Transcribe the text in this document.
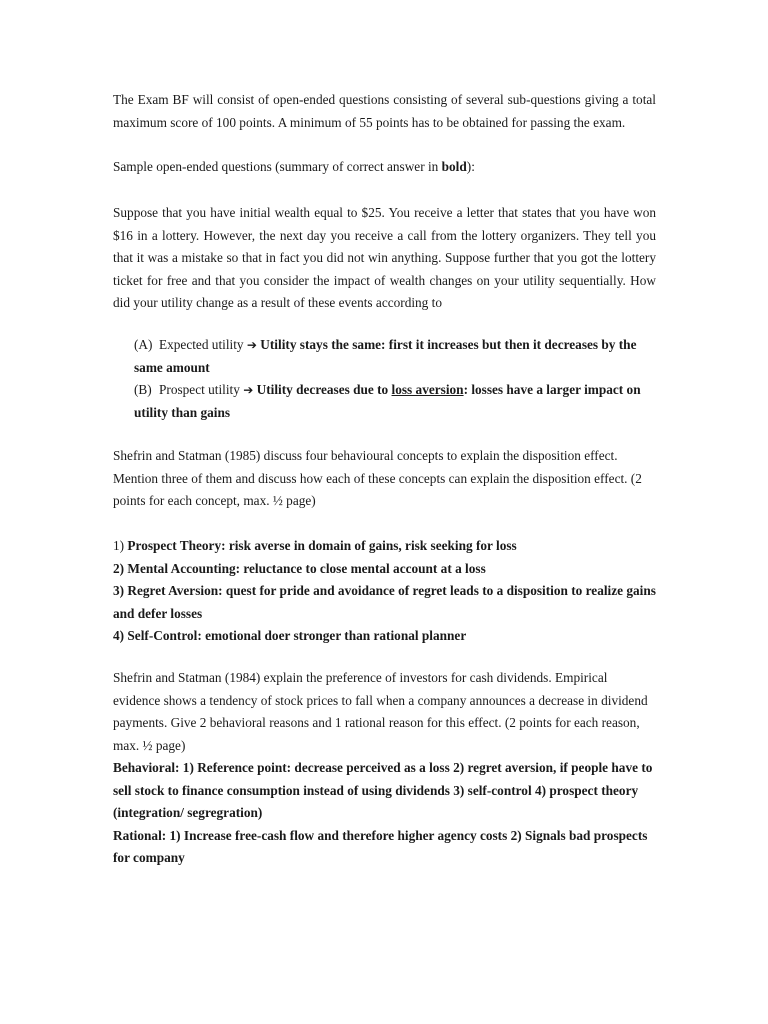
The Exam BF will consist of open-ended questions consisting of several sub-questions giving a total maximum score of 100 points. A minimum of 55 points has to be obtained for passing the exam.

Sample open-ended questions (summary of correct answer in bold):

Suppose that you have initial wealth equal to $25. You receive a letter that states that you have won $16 in a lottery. However, the next day you receive a call from the lottery organizers. They tell you that it was a mistake so that in fact you did not win anything. Suppose further that you got the lottery ticket for free and that you consider the impact of wealth changes on your utility sequentially. How did your utility change as a result of these events according to

(A) Expected utility ➔ Utility stays the same: first it increases but then it decreases by the same amount
(B) Prospect utility ➔ Utility decreases due to loss aversion: losses have a larger impact on utility than gains

Shefrin and Statman (1985) discuss four behavioural concepts to explain the disposition effect. Mention three of them and discuss how each of these concepts can explain the disposition effect. (2 points for each concept, max. ½ page)

1) Prospect Theory: risk averse in domain of gains, risk seeking for loss
2) Mental Accounting: reluctance to close mental account at a loss
3) Regret Aversion: quest for pride and avoidance of regret leads to a disposition to realize gains and defer losses
4) Self-Control: emotional doer stronger than rational planner

Shefrin and Statman (1984) explain the preference of investors for cash dividends. Empirical evidence shows a tendency of stock prices to fall when a company announces a decrease in dividend payments. Give 2 behavioral reasons and 1 rational reason for this effect. (2 points for each reason, max. ½ page)

Behavioral: 1) Reference point: decrease perceived as a loss 2) regret aversion, if people have to sell stock to finance consumption instead of using dividends 3) self-control 4) prospect theory (integration/ segregration)
Rational: 1) Increase free-cash flow and therefore higher agency costs 2) Signals bad prospects for company
